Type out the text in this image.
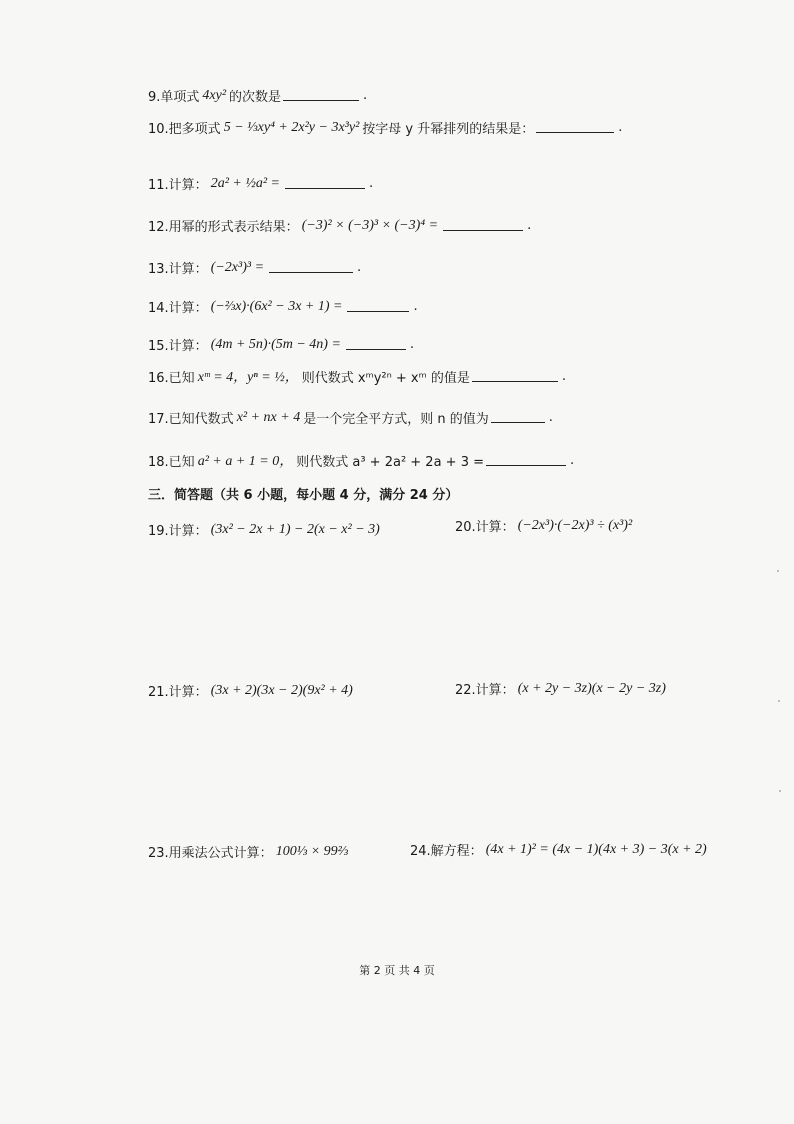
9.单项式 4xy² 的次数是	.
10.把多项式 5 − ⅓xy⁴ + 2x²y − 3x³y² 按字母 y 升幂排列的结果是：	.
11.计算： 2a² + ½a² =	.
12.用幂的形式表示结果： (−3)² × (−3)³ × (−3)⁴ =	.
13.计算： (−2x³)³ =	.
14.计算： (−⅔x)·(6x² − 3x + 1) =	.
15.计算： (4m + 5n)·(5m − 4n) =	.
16.已知 xᵐ = 4，yⁿ = ½， 则代数式 xᵐy²ⁿ + xᵐ 的值是	.
17.已知代数式 x² + nx + 4 是一个完全平方式，则 n 的值为	.
18.已知 a² + a + 1 = 0， 则代数式 a³ + 2a² + 2a + 3 =	.
三．简答题（共 6 小题，每小题 4 分，满分 24 分）
19.计算： (3x² − 2x + 1) − 2(x − x² − 3)	20.计算： (−2x³)·(−2x)³ ÷ (x³)²
21.计算： (3x + 2)(3x − 2)(9x² + 4)	22.计算： (x + 2y − 3z)(x − 2y − 3z)
23.用乘法公式计算： 100⅓ × 99⅔	24.解方程： (4x + 1)² = (4x − 1)(4x + 3) − 3(x + 2)
第 2 页 共 4 页
